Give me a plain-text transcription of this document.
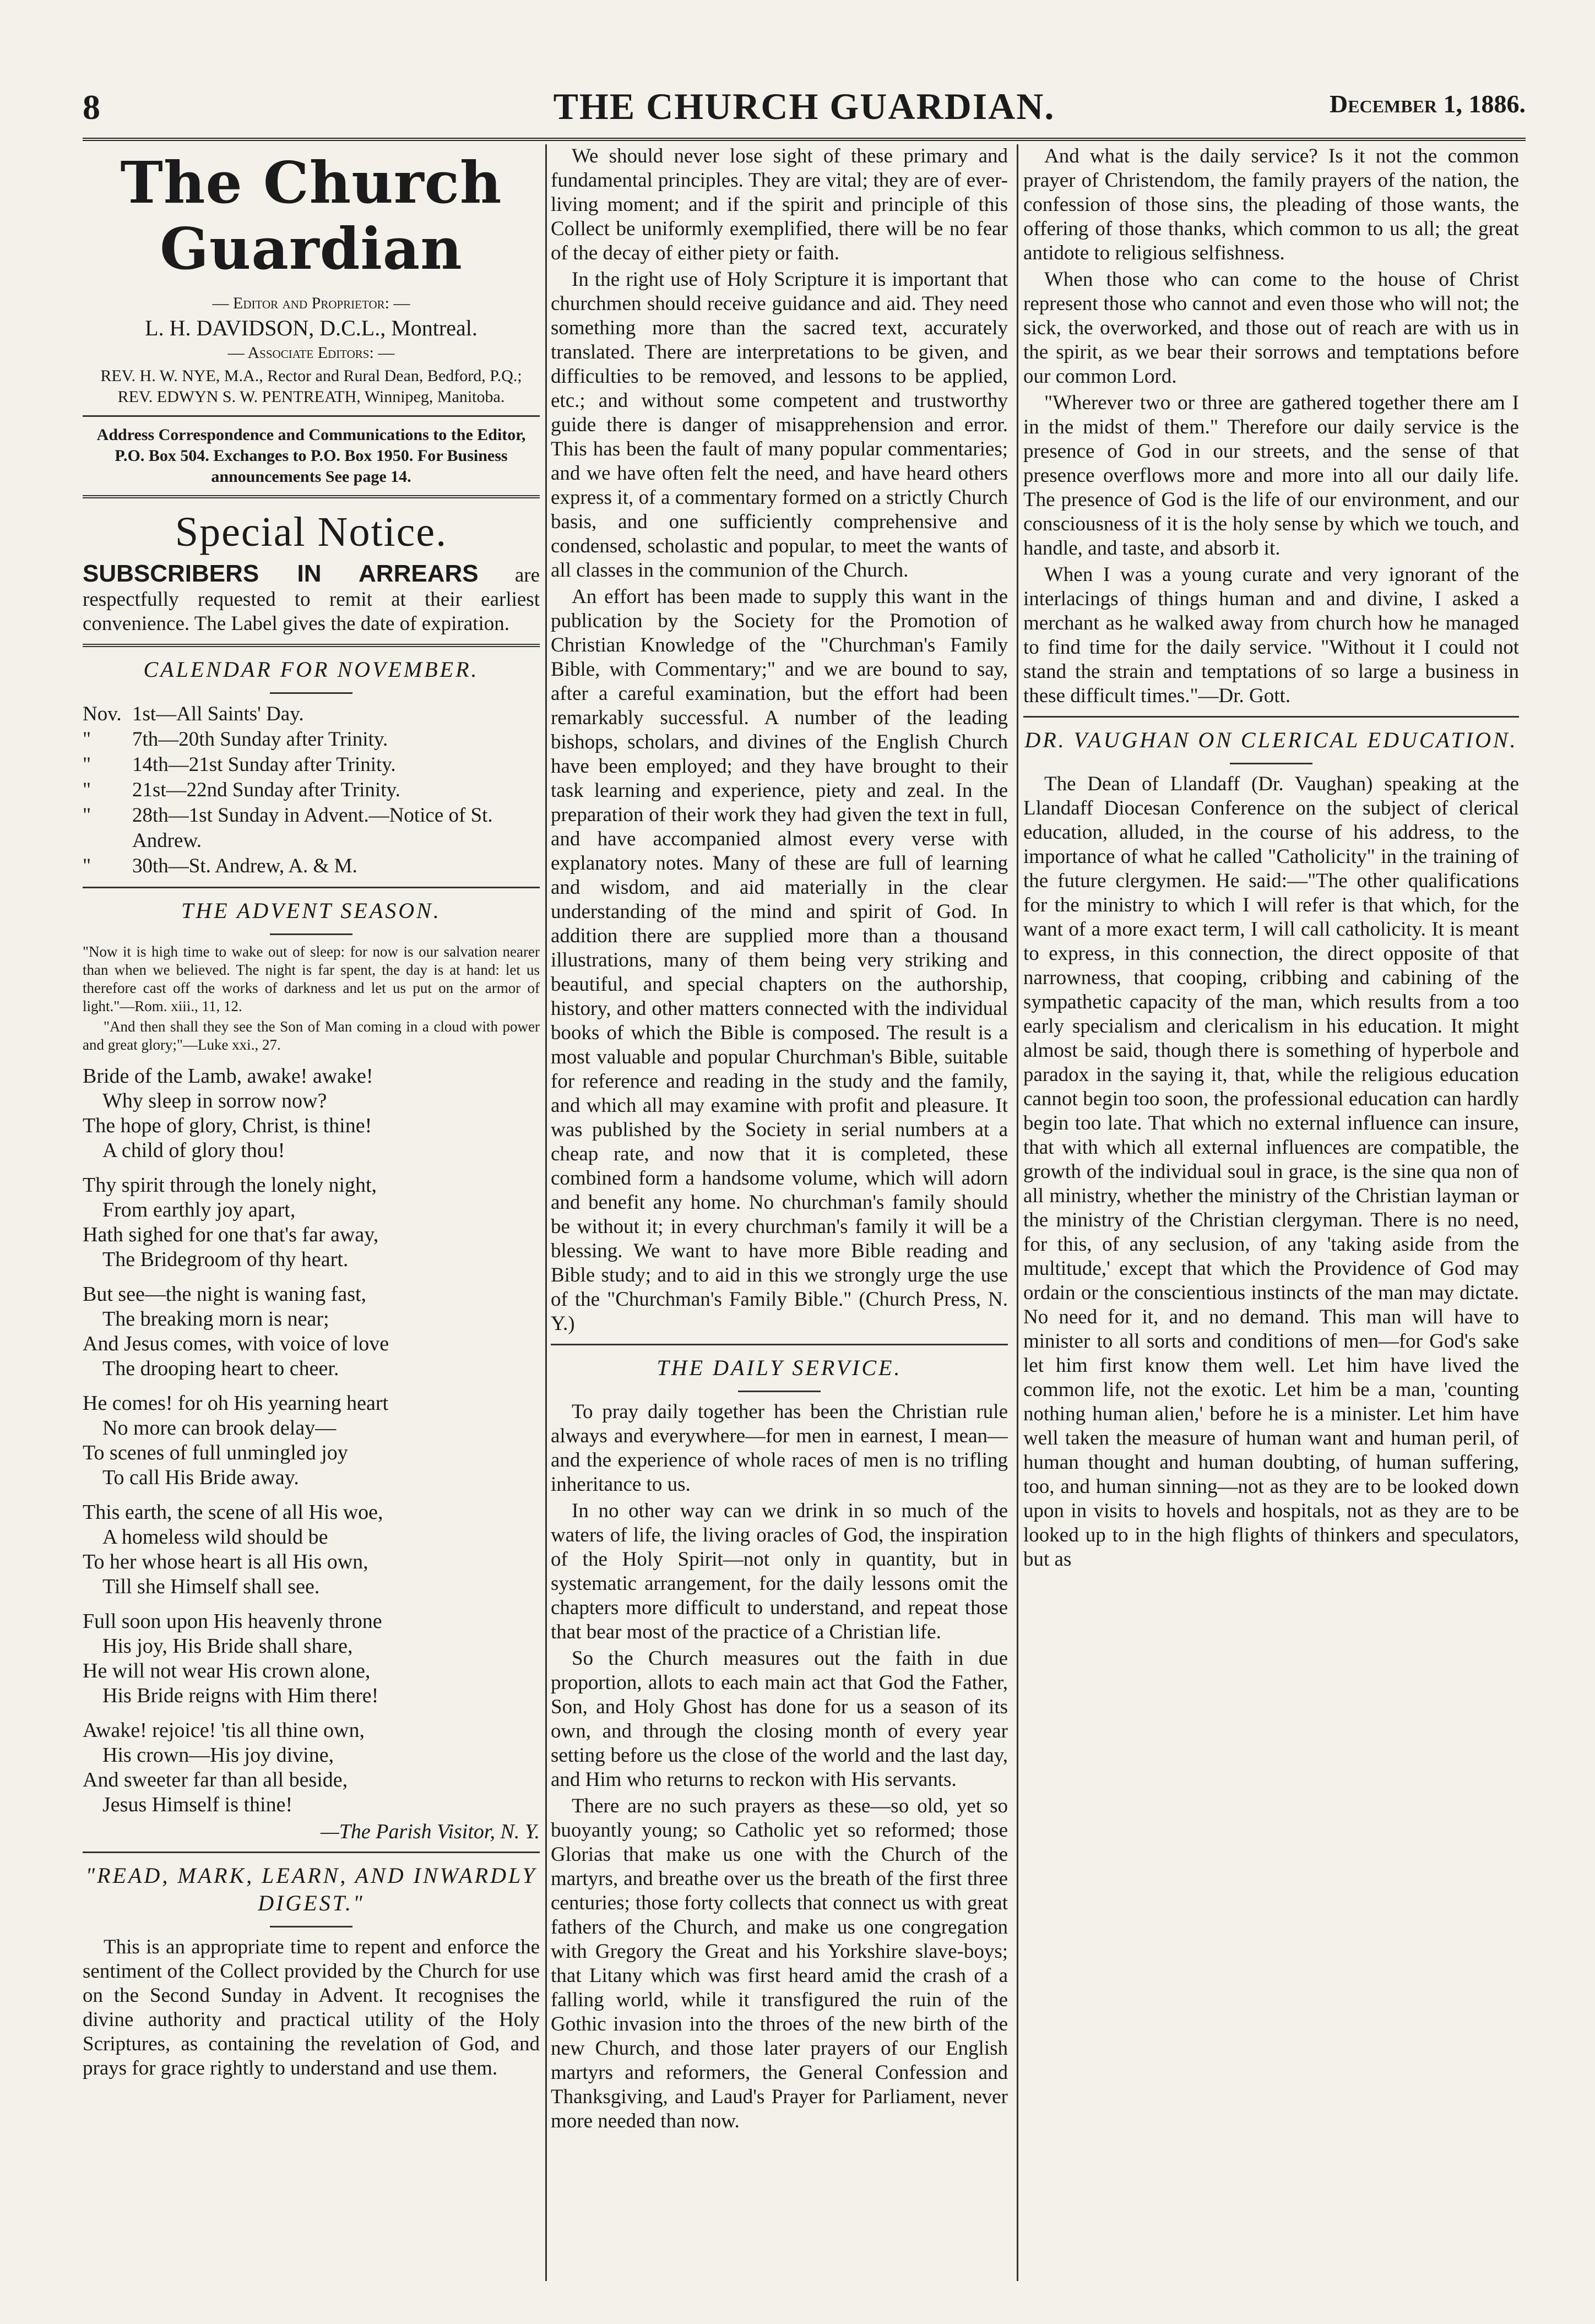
8	THE CHURCH GUARDIAN.	December 1, 1886.
The Church Guardian

— Editor and Proprietor: —

L. H. DAVIDSON, D.C.L., Montreal.

— Associate Editors: —

REV. H. W. NYE, M.A., Rector and Rural Dean, Bedford, P.Q.; REV. EDWYN S. W. PENTREATH, Winnipeg, Manitoba.

Address Correspondence and Communications to the Editor, P.O. Box 504. Exchanges to P.O. Box 1950. For Business announcements See page 14.

Special Notice.

SUBSCRIBERS IN ARREARS are respectfully requested to remit at their earliest convenience. The Label gives the date of expiration.

CALENDAR FOR NOVEMBER.
Nov.	1st—All Saints' Day.
"	7th—20th Sunday after Trinity.
"	14th—21st Sunday after Trinity.
"	21st—22nd Sunday after Trinity.
"	28th—1st Sunday in Advent.—Notice of St. Andrew.
"	30th—St. Andrew, A. & M.
THE ADVENT SEASON.

"Now it is high time to wake out of sleep: for now is our salvation nearer than when we believed. The night is far spent, the day is at hand: let us therefore cast off the works of darkness and let us put on the armor of light."—Rom. xiii., 11, 12.

"And then shall they see the Son of Man coming in a cloud with power and great glory;"—Luke xxi., 27.

Bride of the Lamb, awake! awake!
Why sleep in sorrow now?
The hope of glory, Christ, is thine!
A child of glory thou!
Thy spirit through the lonely night,
From earthly joy apart,
Hath sighed for one that's far away,
The Bridegroom of thy heart.
But see—the night is waning fast,
The breaking morn is near;
And Jesus comes, with voice of love
The drooping heart to cheer.
He comes! for oh His yearning heart
No more can brook delay—
To scenes of full unmingled joy
To call His Bride away.
This earth, the scene of all His woe,
A homeless wild should be
To her whose heart is all His own,
Till she Himself shall see.
Full soon upon His heavenly throne
His joy, His Bride shall share,
He will not wear His crown alone,
His Bride reigns with Him there!
Awake! rejoice! 'tis all thine own,
His crown—His joy divine,
And sweeter far than all beside,
Jesus Himself is thine!
—The Parish Visitor, N. Y.
"READ, MARK, LEARN, AND INWARDLY DIGEST."

This is an appropriate time to repent and enforce the sentiment of the Collect provided by the Church for use on the Second Sunday in Advent. It recognises the divine authority and practical utility of the Holy Scriptures, as containing the revelation of God, and prays for grace rightly to understand and use them.

We should never lose sight of these primary and fundamental principles. They are vital; they are of ever-living moment; and if the spirit and principle of this Collect be uniformly exemplified, there will be no fear of the decay of either piety or faith.

In the right use of Holy Scripture it is important that churchmen should receive guidance and aid. They need something more than the sacred text, accurately translated. There are interpretations to be given, and difficulties to be removed, and lessons to be applied, etc.; and without some competent and trustworthy guide there is danger of misapprehension and error. This has been the fault of many popular commentaries; and we have often felt the need, and have heard others express it, of a commentary formed on a strictly Church basis, and one sufficiently comprehensive and condensed, scholastic and popular, to meet the wants of all classes in the communion of the Church.

An effort has been made to supply this want in the publication by the Society for the Promotion of Christian Knowledge of the "Churchman's Family Bible, with Commentary;" and we are bound to say, after a careful examination, but the effort had been remarkably successful. A number of the leading bishops, scholars, and divines of the English Church have been employed; and they have brought to their task learning and experience, piety and zeal. In the preparation of their work they had given the text in full, and have accompanied almost every verse with explanatory notes. Many of these are full of learning and wisdom, and aid materially in the clear understanding of the mind and spirit of God. In addition there are supplied more than a thousand illustrations, many of them being very striking and beautiful, and special chapters on the authorship, history, and other matters connected with the individual books of which the Bible is composed. The result is a most valuable and popular Churchman's Bible, suitable for reference and reading in the study and the family, and which all may examine with profit and pleasure. It was published by the Society in serial numbers at a cheap rate, and now that it is completed, these combined form a handsome volume, which will adorn and benefit any home. No churchman's family should be without it; in every churchman's family it will be a blessing. We want to have more Bible reading and Bible study; and to aid in this we strongly urge the use of the "Churchman's Family Bible." (Church Press, N. Y.)

THE DAILY SERVICE.

To pray daily together has been the Christian rule always and everywhere—for men in earnest, I mean—and the experience of whole races of men is no trifling inheritance to us.

In no other way can we drink in so much of the waters of life, the living oracles of God, the inspiration of the Holy Spirit—not only in quantity, but in systematic arrangement, for the daily lessons omit the chapters more difficult to understand, and repeat those that bear most of the practice of a Christian life.

So the Church measures out the faith in due proportion, allots to each main act that God the Father, Son, and Holy Ghost has done for us a season of its own, and through the closing month of every year setting before us the close of the world and the last day, and Him who returns to reckon with His servants.

There are no such prayers as these—so old, yet so buoyantly young; so Catholic yet so reformed; those Glorias that make us one with the Church of the martyrs, and breathe over us the breath of the first three centuries; those forty collects that connect us with great fathers of the Church, and make us one congregation with Gregory the Great and his Yorkshire slave-boys; that Litany which was first heard amid the crash of a falling world, while it transfigured the ruin of the Gothic invasion into the throes of the new birth of the new Church, and those later prayers of our English martyrs and reformers, the General Confession and Thanksgiving, and Laud's Prayer for Parliament, never more needed than now.

And what is the daily service? Is it not the common prayer of Christendom, the family prayers of the nation, the confession of those sins, the pleading of those wants, the offering of those thanks, which common to us all; the great antidote to religious selfishness.

When those who can come to the house of Christ represent those who cannot and even those who will not; the sick, the overworked, and those out of reach are with us in the spirit, as we bear their sorrows and temptations before our common Lord.

"Wherever two or three are gathered together there am I in the midst of them." Therefore our daily service is the presence of God in our streets, and the sense of that presence overflows more and more into all our daily life. The presence of God is the life of our environment, and our consciousness of it is the holy sense by which we touch, and handle, and taste, and absorb it.

When I was a young curate and very ignorant of the interlacings of things human and and divine, I asked a merchant as he walked away from church how he managed to find time for the daily service. "Without it I could not stand the strain and temptations of so large a business in these difficult times."—Dr. Gott.

DR. VAUGHAN ON CLERICAL EDUCATION.

The Dean of Llandaff (Dr. Vaughan) speaking at the Llandaff Diocesan Conference on the subject of clerical education, alluded, in the course of his address, to the importance of what he called "Catholicity" in the training of the future clergymen. He said:—"The other qualifications for the ministry to which I will refer is that which, for the want of a more exact term, I will call catholicity. It is meant to express, in this connection, the direct opposite of that narrowness, that cooping, cribbing and cabining of the sympathetic capacity of the man, which results from a too early specialism and clericalism in his education. It might almost be said, though there is something of hyperbole and paradox in the saying it, that, while the religious education cannot begin too soon, the professional education can hardly begin too late. That which no external influence can insure, that with which all external influences are compatible, the growth of the individual soul in grace, is the sine qua non of all ministry, whether the ministry of the Christian layman or the ministry of the Christian clergyman. There is no need, for this, of any seclusion, of any 'taking aside from the multitude,' except that which the Providence of God may ordain or the conscientious instincts of the man may dictate. No need for it, and no demand. This man will have to minister to all sorts and conditions of men—for God's sake let him first know them well. Let him have lived the common life, not the exotic. Let him be a man, 'counting nothing human alien,' before he is a minister. Let him have well taken the measure of human want and human peril, of human thought and human doubting, of human suffering, too, and human sinning—not as they are to be looked down upon in visits to hovels and hospitals, not as they are to be looked up to in the high flights of thinkers and speculators, but as
